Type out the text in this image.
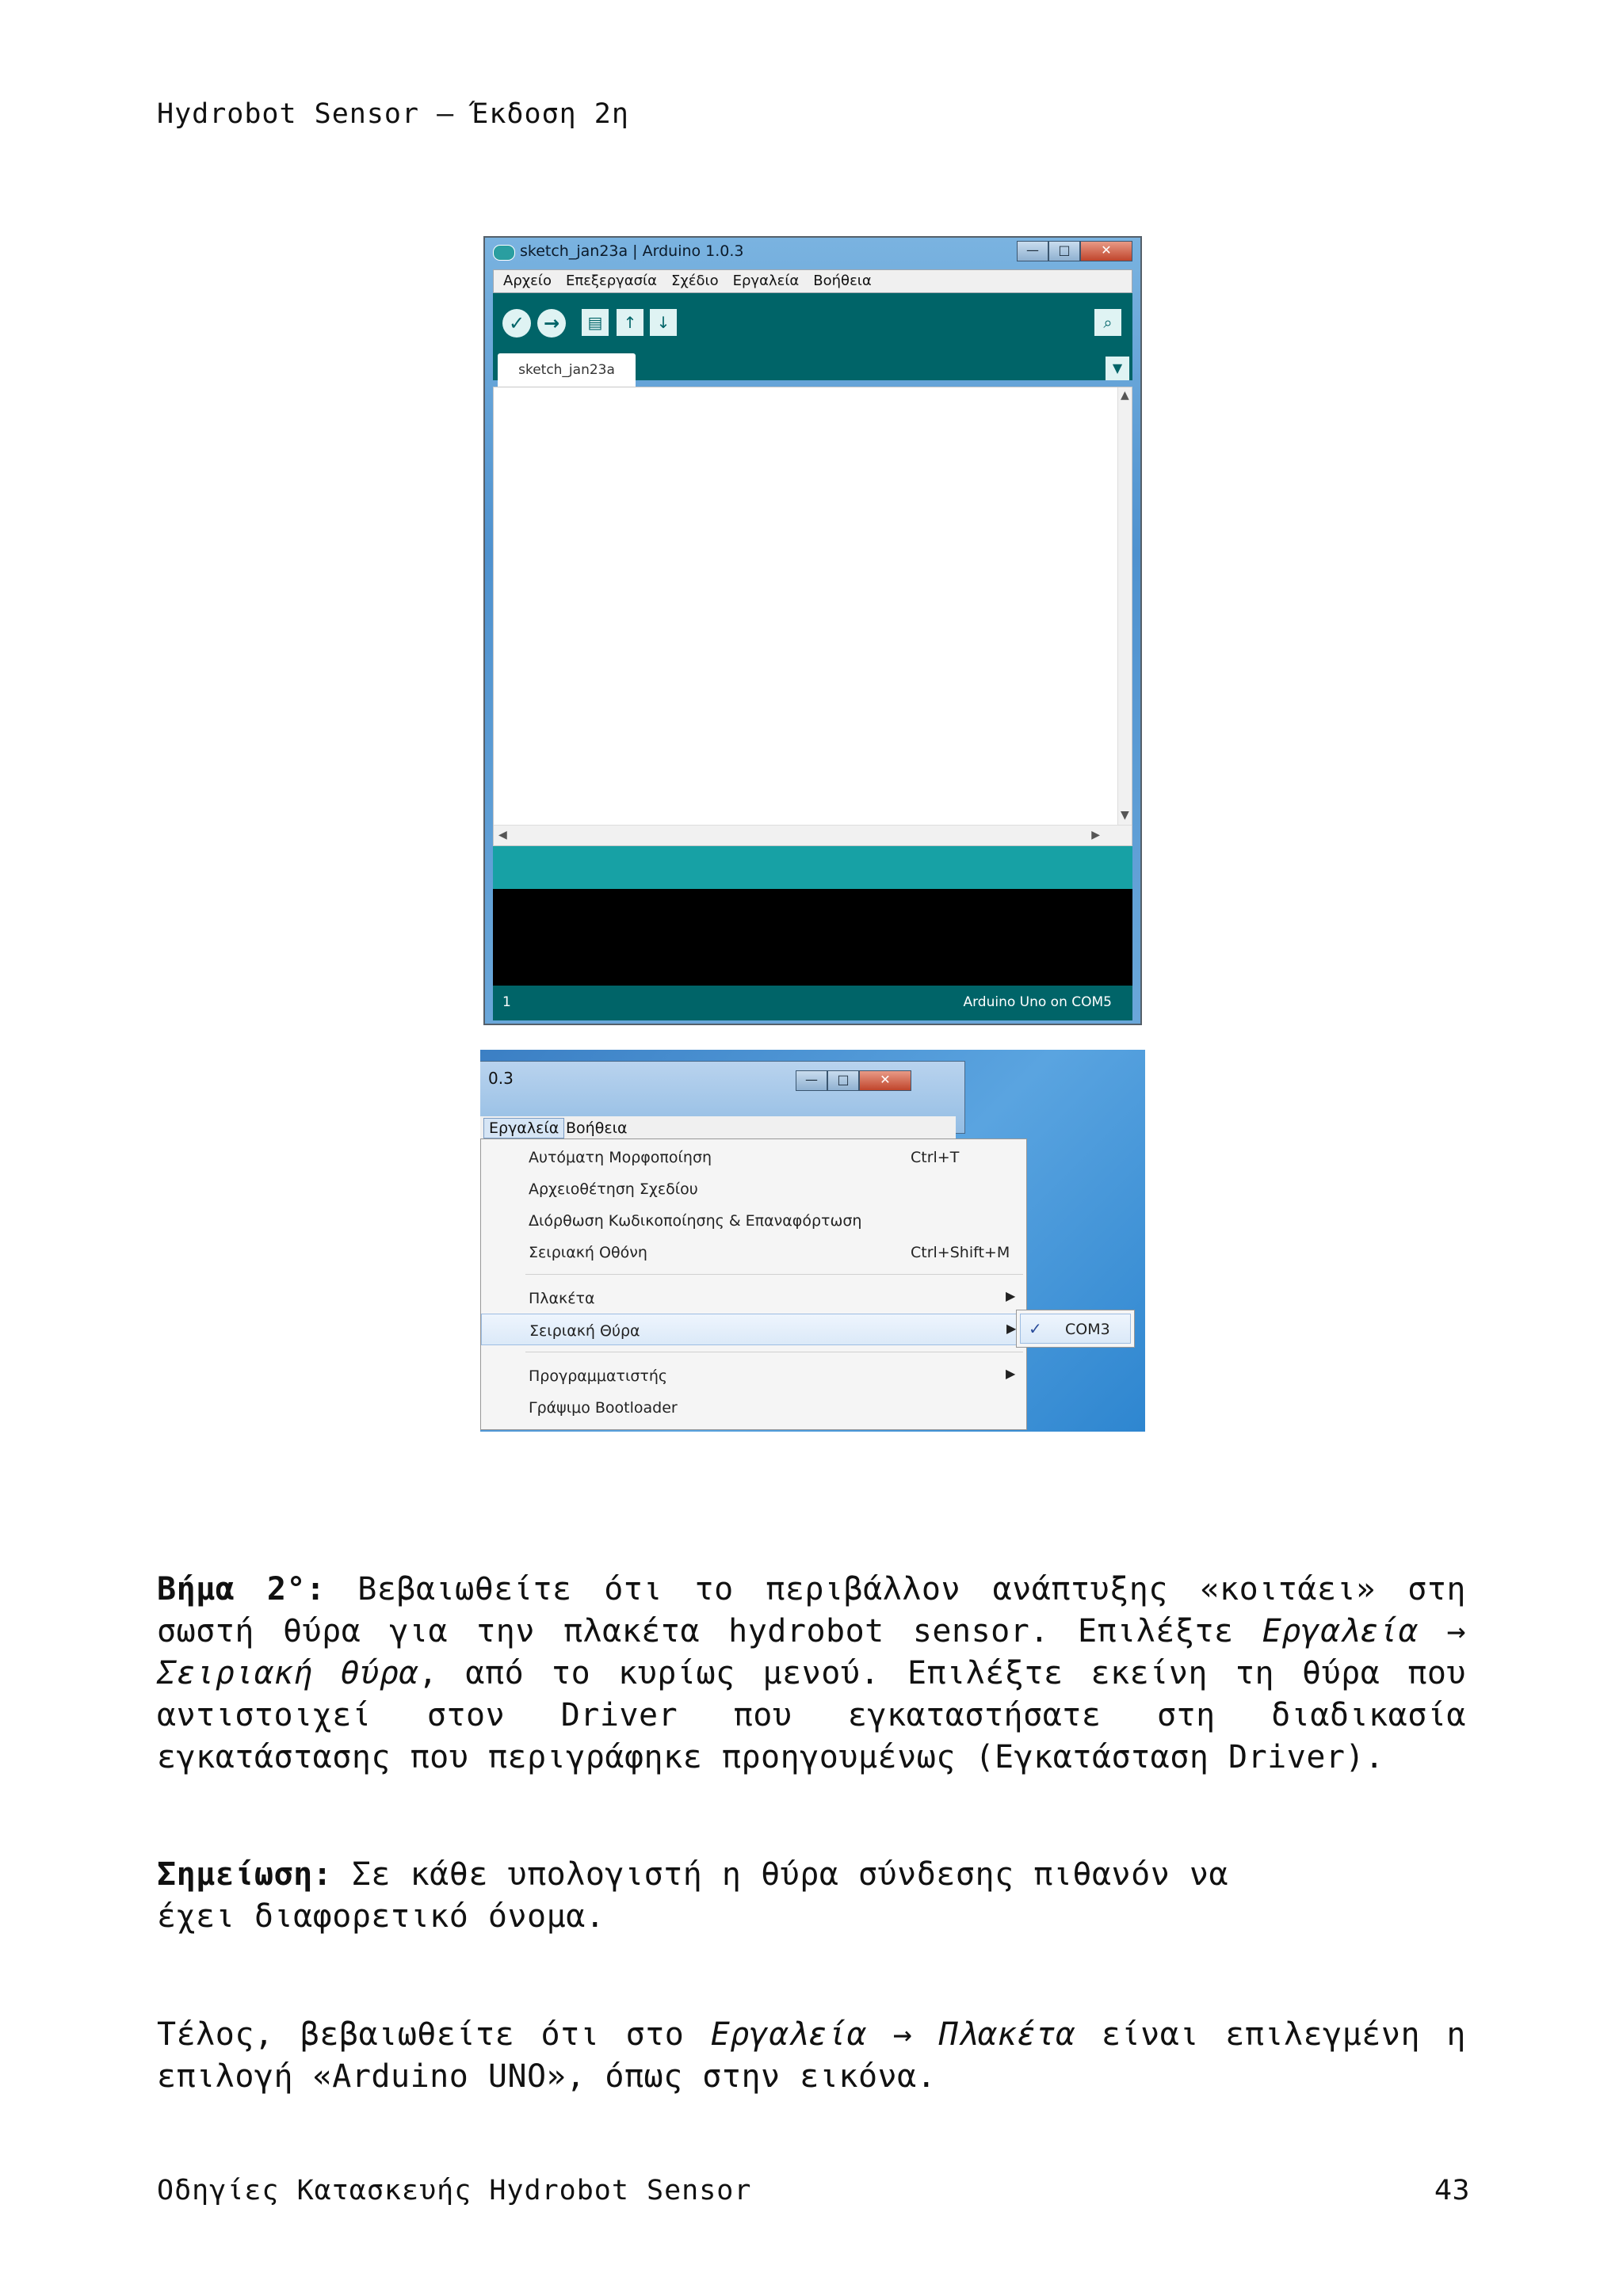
Hydrobot Sensor – Έκδοση 2η
sketch_jan23a | Arduino 1.0.3	—	□	✕
Αρχείο Επεξεργασία Σχέδιο Εργαλεία Βοήθεια
✓ →	▤	↑	↓	⌕
sketch_jan23a	▼
▲
▼
◀	▶
1	Arduino Uno on COM5
0.3	—	□	✕
Εργαλεία Βοήθεια
Αυτόματη Μορφοποίηση	Ctrl+T
Αρχειοθέτηση Σχεδίου
Διόρθωση Κωδικοποίησης & Επαναφόρτωση
Σειριακή Οθόνη	Ctrl+Shift+M
Πλακέτα	▶
Σειριακή Θύρα	▶
Προγραμματιστής	▶
Γράψιμο Bootloader
✓ COM3
Βήμα 2°: Βεβαιωθείτε ότι το περιβάλλον ανάπτυξης «κοιτάει» στη
σωστή θύρα για την πλακέτα hydrobot sensor. Επιλέξτε Εργαλεία →
Σειριακή θύρα, από το κυρίως μενού. Επιλέξτε εκείνη τη θύρα που
αντιστοιχεί στον Driver που εγκαταστήσατε στη διαδικασία
εγκατάστασης που περιγράφηκε προηγουμένως (Εγκατάσταση Driver).
Σημείωση: Σε κάθε υπολογιστή η θύρα σύνδεσης πιθανόν να
έχει διαφορετικό όνομα.
Τέλος, βεβαιωθείτε ότι στο Εργαλεία → Πλακέτα είναι επιλεγμένη η
επιλογή «Arduino UNO», όπως στην εικόνα.
Οδηγίες Κατασκευής Hydrobot Sensor	43
